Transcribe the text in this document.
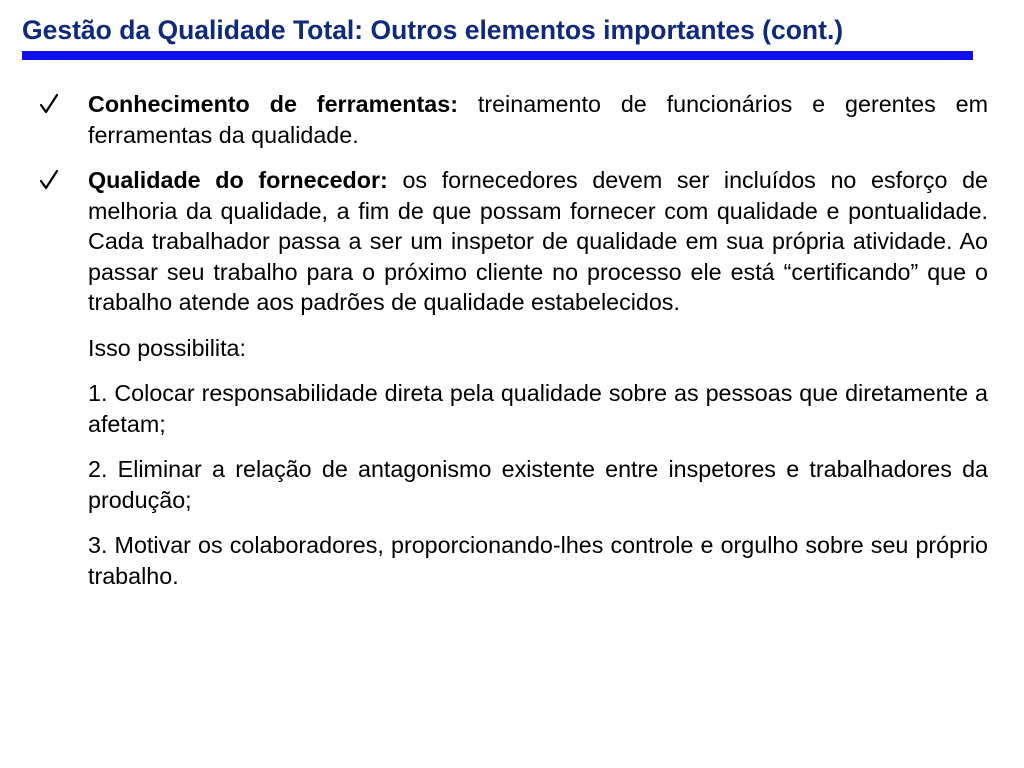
Gestão da Qualidade Total: Outros elementos importantes (cont.)
Conhecimento de ferramentas: treinamento de funcionários e gerentes em ferramentas da qualidade.
Qualidade do fornecedor: os fornecedores devem ser incluídos no esforço de melhoria da qualidade, a fim de que possam fornecer com qualidade e pontualidade. Cada trabalhador passa a ser um inspetor de qualidade em sua própria atividade. Ao passar seu trabalho para o próximo cliente no processo ele está “certificando” que o trabalho atende aos padrões de qualidade estabelecidos.
Isso possibilita:
1. Colocar responsabilidade direta pela qualidade sobre as pessoas que diretamente a afetam;
2. Eliminar a relação de antagonismo existente entre inspetores e trabalhadores da produção;
3. Motivar os colaboradores, proporcionando-lhes controle e orgulho sobre seu próprio trabalho.
